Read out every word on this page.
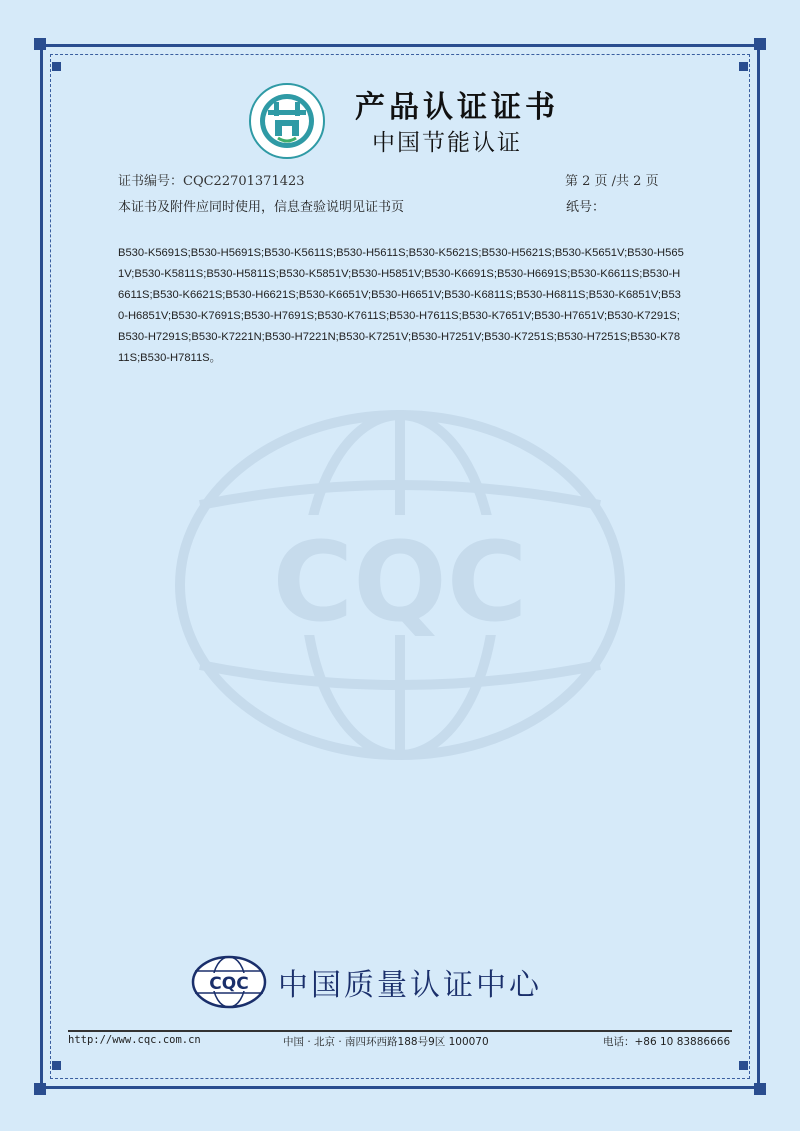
产品认证证书
中国节能认证
证书编号：CQC22701371423	第 2 页 /共 2 页
本证书及附件应同时使用，信息查验说明见证书页	纸号：
B530-K5691S;B530-H5691S;B530-K5611S;B530-H5611S;B530-K5621S;B530-H5621S;B530-K5651V;B530-H5651V;B530-K5811S;B530-H5811S;B530-K5851V;B530-H5851V;B530-K6691S;B530-H6691S;B530-K6611S;B530-H6611S;B530-K6621S;B530-H6621S;B530-K6651V;B530-H6651V;B530-K6811S;B530-H6811S;B530-K6851V;B530-H6851V;B530-K7691S;B530-H7691S;B530-K7611S;B530-H7611S;B530-K7651V;B530-H7651V;B530-K7291S;B530-H7291S;B530-K7221N;B530-H7221N;B530-K7251V;B530-H7251V;B530-K7251S;B530-H7251S;B530-K7811S;B530-H7811S。
CQC
CQC 中国质量认证中心
http://www.cqc.com.cn	中国 · 北京 · 南四环西路188号9区 100070	电话：+86 10 83886666
